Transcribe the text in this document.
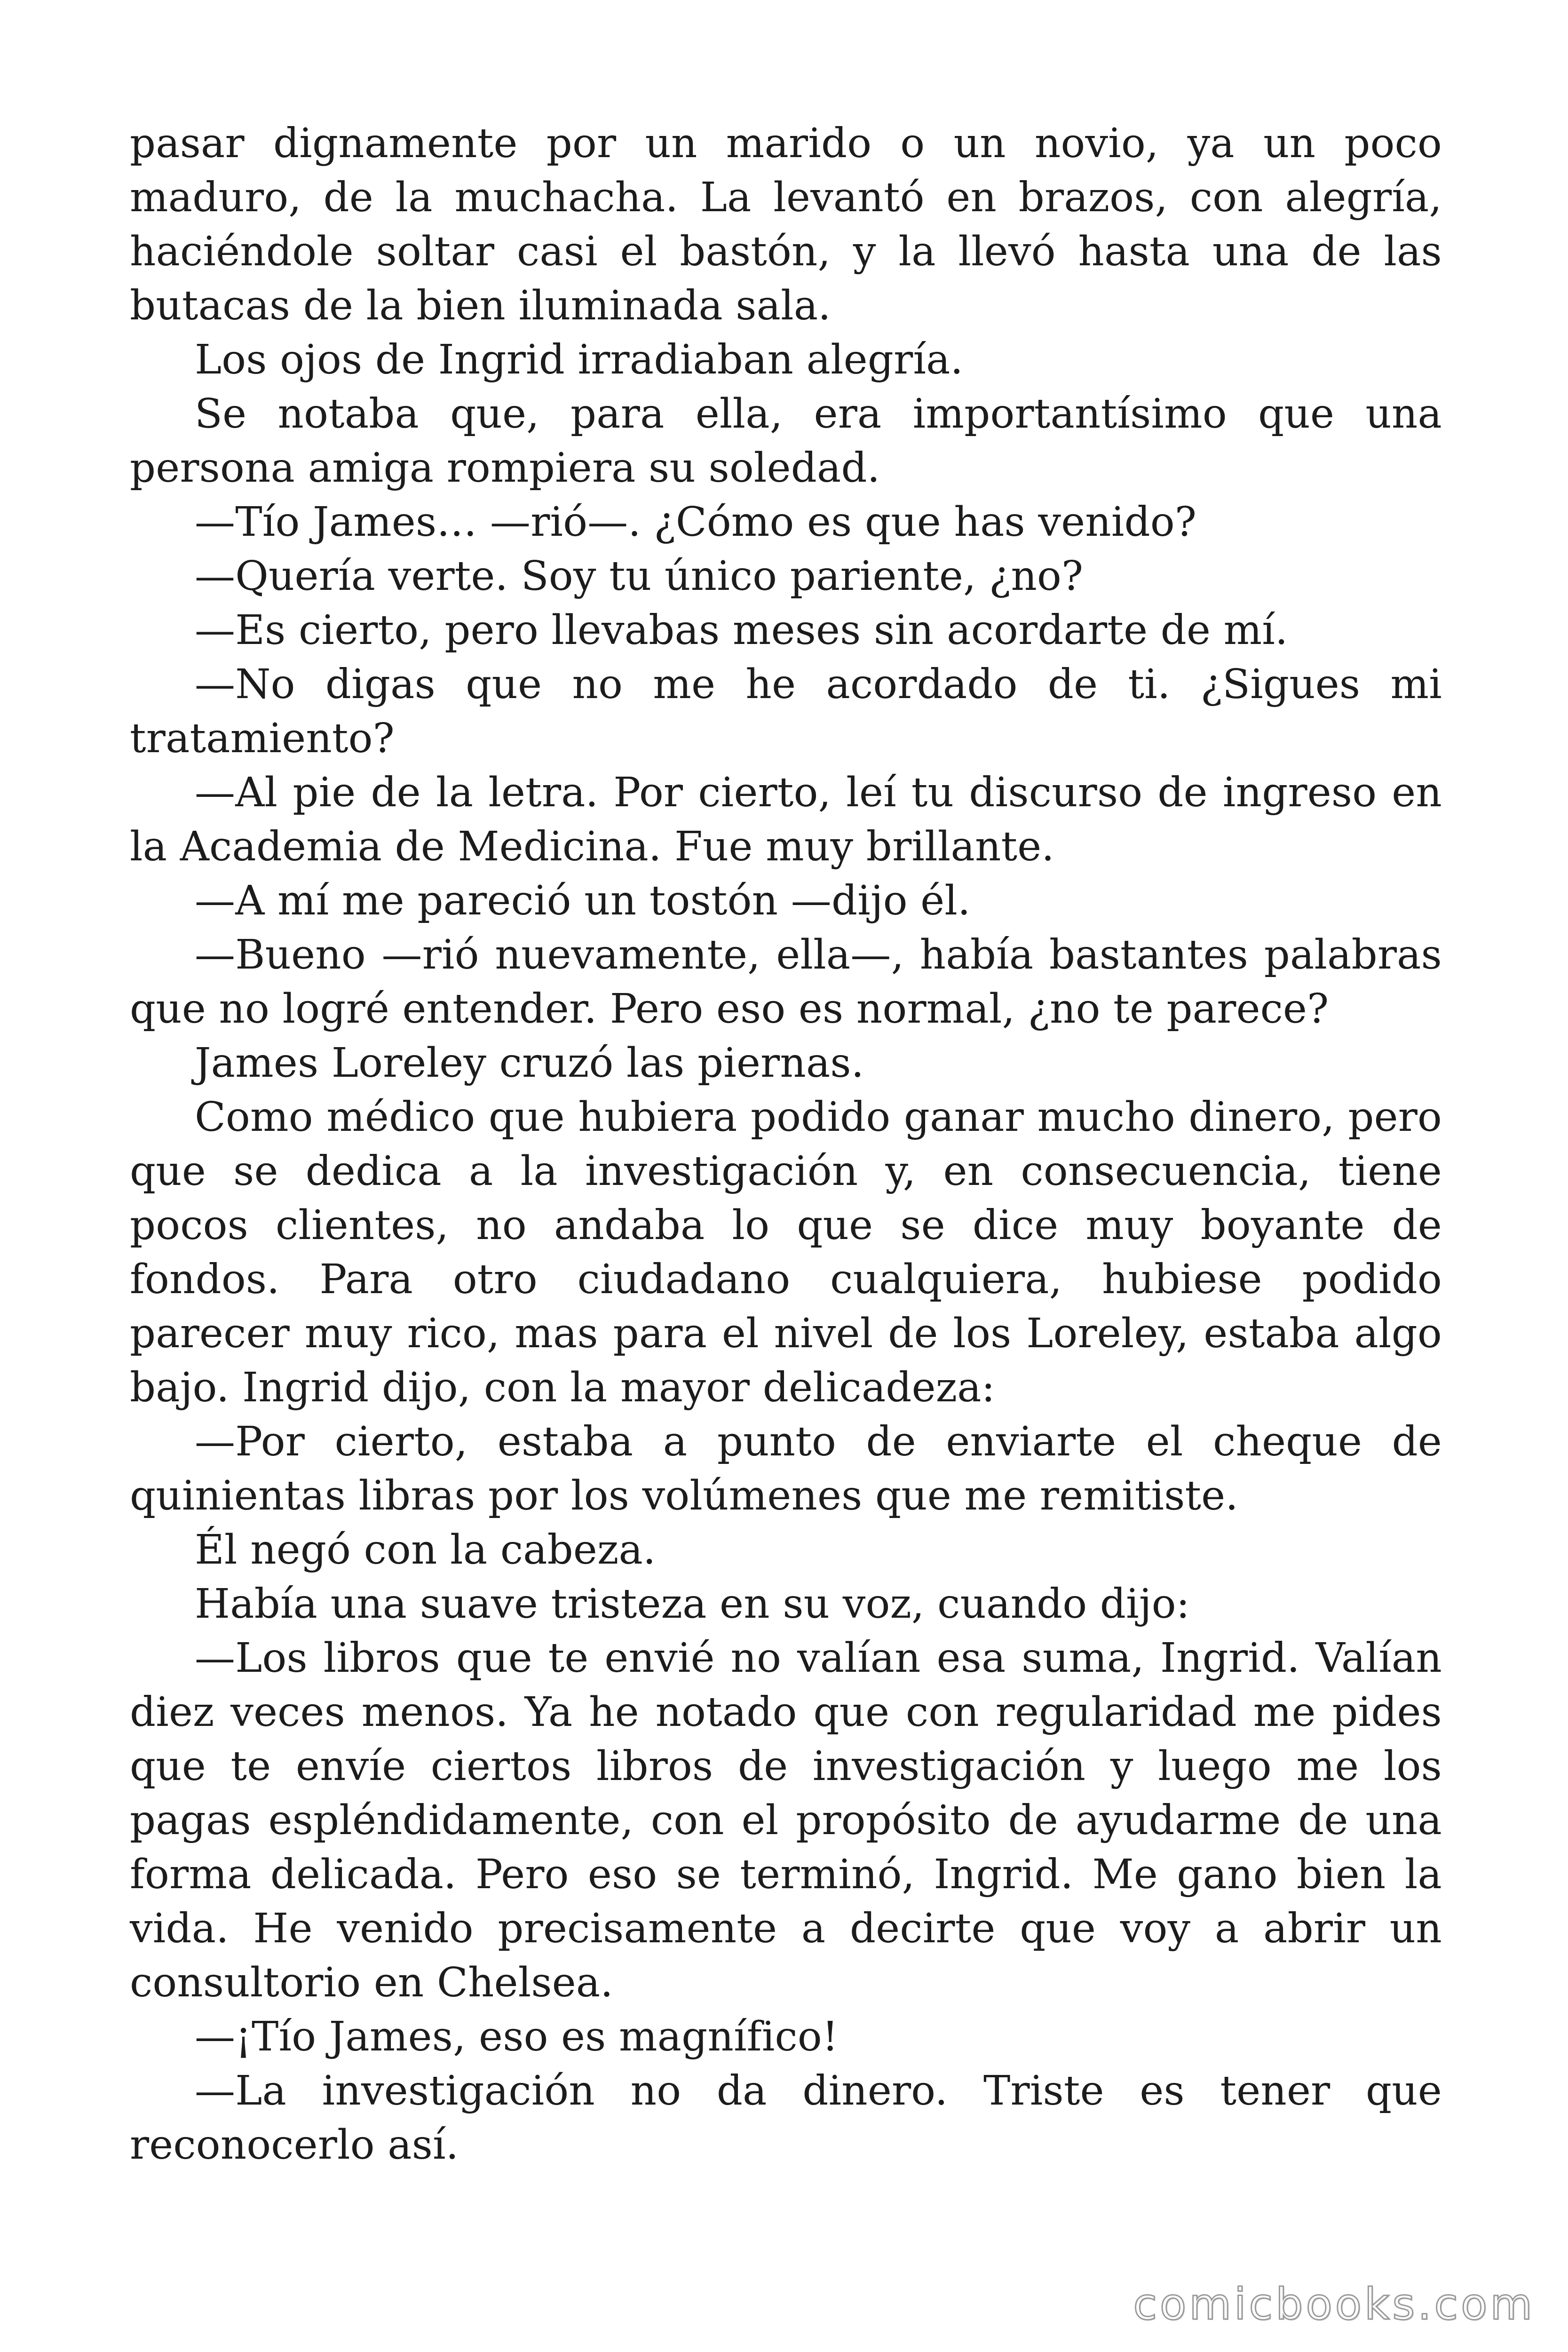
pasar dignamente por un marido o un novio, ya un poco maduro, de la muchacha. La levantó en brazos, con alegría, haciéndole soltar casi el bastón, y la llevó hasta una de las butacas de la bien iluminada sala.

Los ojos de Ingrid irradiaban alegría.

Se notaba que, para ella, era importantísimo que una persona amiga rompiera su soledad.

—Tío James… —rió—. ¿Cómo es que has venido?

—Quería verte. Soy tu único pariente, ¿no?

—Es cierto, pero llevabas meses sin acordarte de mí.

—No digas que no me he acordado de ti. ¿Sigues mi tratamiento?

—Al pie de la letra. Por cierto, leí tu discurso de ingreso en la Academia de Medicina. Fue muy brillante.

—A mí me pareció un tostón —dijo él.

—Bueno —rió nuevamente, ella—, había bastantes palabras que no logré entender. Pero eso es normal, ¿no te parece?

James Loreley cruzó las piernas.

Como médico que hubiera podido ganar mucho dinero, pero que se dedica a la investigación y, en consecuencia, tiene pocos clientes, no andaba lo que se dice muy boyante de fondos. Para otro ciudadano cualquiera, hubiese podido parecer muy rico, mas para el nivel de los Loreley, estaba algo bajo. Ingrid dijo, con la mayor delicadeza:

—Por cierto, estaba a punto de enviarte el cheque de quinientas libras por los volúmenes que me remitiste.

Él negó con la cabeza.

Había una suave tristeza en su voz, cuando dijo:

—Los libros que te envié no valían esa suma, Ingrid. Valían diez veces menos. Ya he notado que con regularidad me pides que te envíe ciertos libros de investigación y luego me los pagas espléndidamente, con el propósito de ayudarme de una forma delicada. Pero eso se terminó, Ingrid. Me gano bien la vida. He venido precisamente a decirte que voy a abrir un consultorio en Chelsea.

—¡Tío James, eso es magnífico!

—La investigación no da dinero. Triste es tener que reconocerlo así.

comicbooks.com
